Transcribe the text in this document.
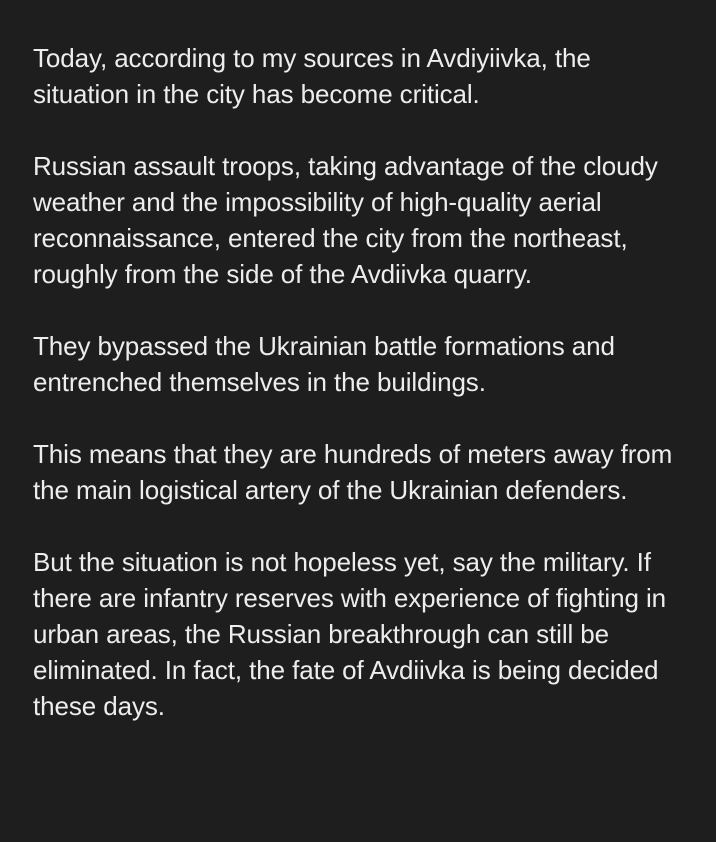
Today, according to my sources in Avdiyiivka, the situation in the city has become critical.

Russian assault troops, taking advantage of the cloudy weather and the impossibility of high-quality aerial reconnaissance, entered the city from the northeast, roughly from the side of the Avdiivka quarry.

They bypassed the Ukrainian battle formations and entrenched themselves in the buildings.

This means that they are hundreds of meters away from the main logistical artery of the Ukrainian defenders.

But the situation is not hopeless yet, say the military. If there are infantry reserves with experience of fighting in urban areas, the Russian breakthrough can still be eliminated. In fact, the fate of Avdiivka is being decided these days.
